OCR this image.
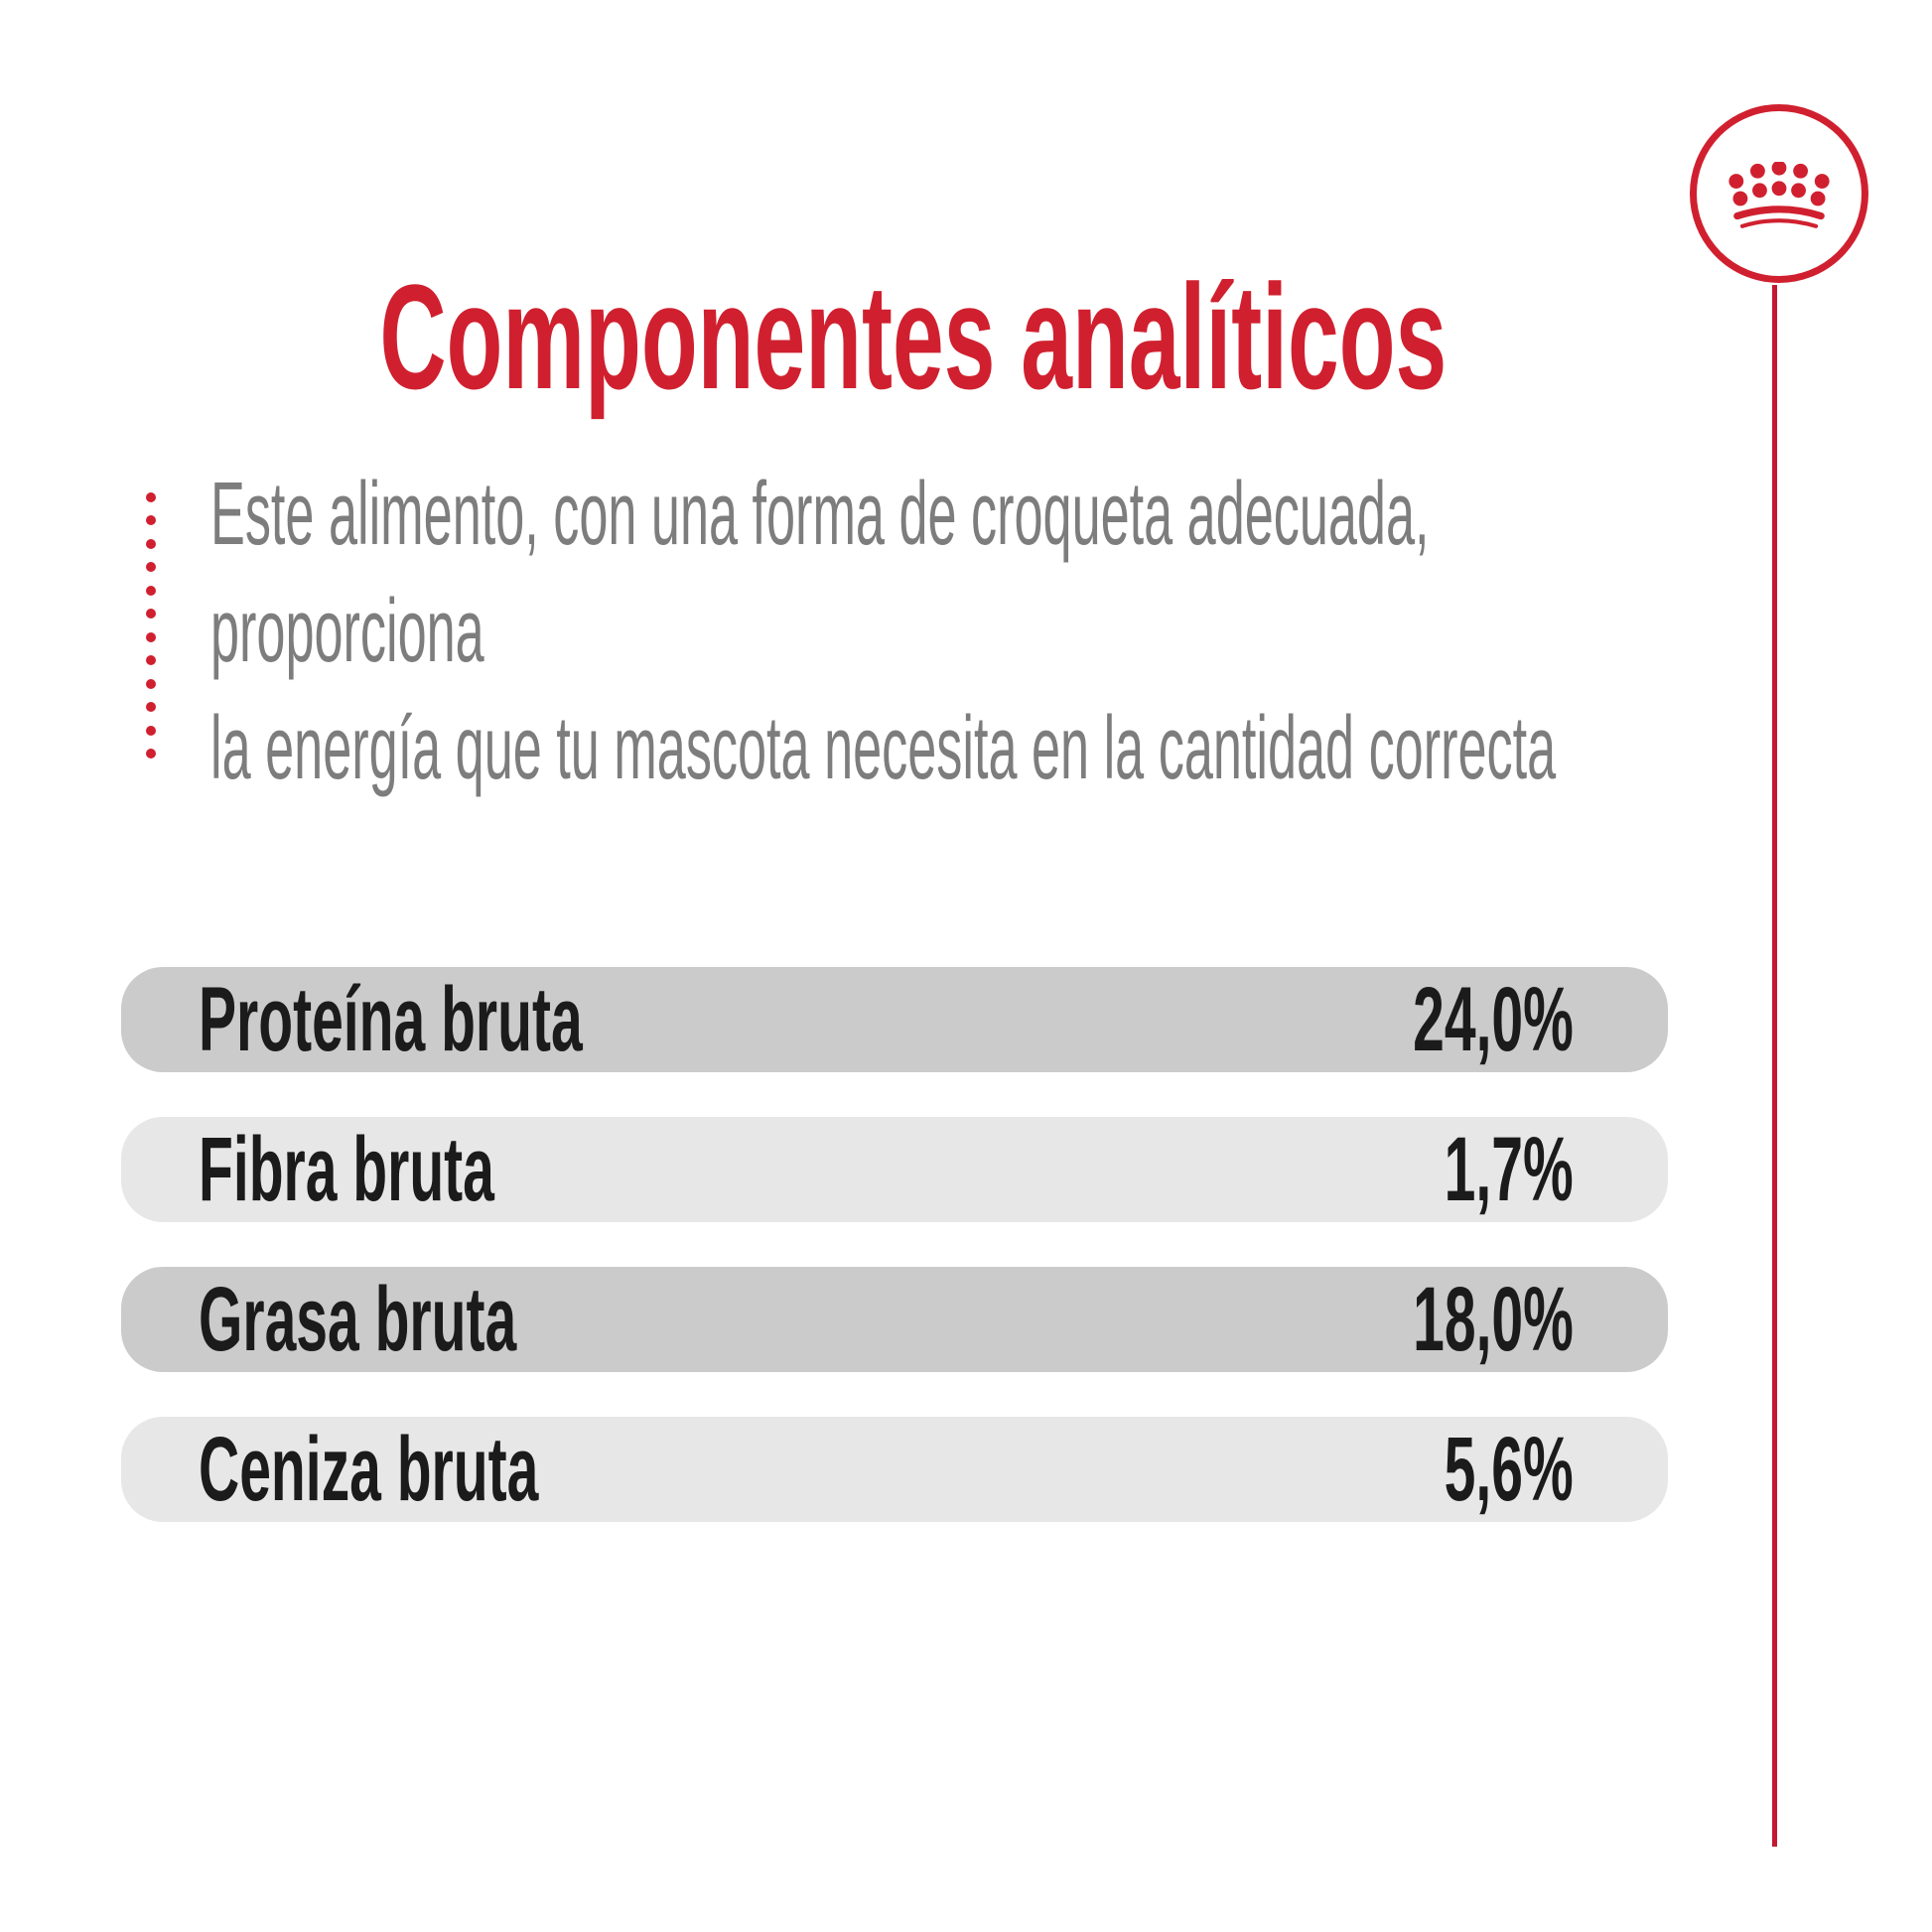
Componentes analíticos
Este alimento, con una forma de croqueta adecuada,
proporciona
la energía que tu mascota necesita en la cantidad correcta
Proteína bruta	24,0%
Fibra bruta	1,7%
Grasa bruta	18,0%
Ceniza bruta	5,6%
